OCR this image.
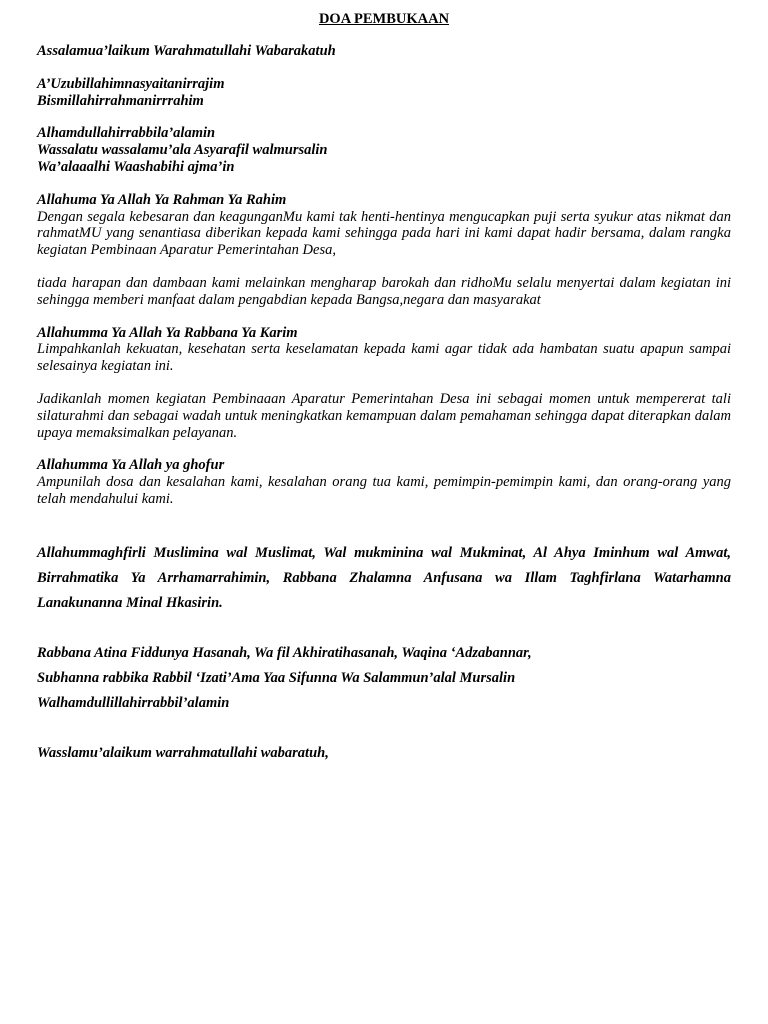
DOA PEMBUKAAN
Assalamua’laikum Warahmatullahi Wabarakatuh
A’Uzubillahimnasyaitanirrajim
Bismillahirrahmanirrrahim
Alhamdullahirrabbila’alamin
Wassalatu wassalamu’ala Asyarafil walmursalin
Wa’alaaalhi Waashabihi ajma’in
Allahuma Ya Allah Ya Rahman Ya Rahim
Dengan segala kebesaran dan keagunganMu kami tak henti-hentinya mengucapkan puji serta syukur atas nikmat dan rahmatMU yang senantiasa diberikan kepada kami sehingga pada hari ini kami dapat hadir bersama, dalam rangka kegiatan Pembinaan Aparatur Pemerintahan Desa,
tiada harapan dan dambaan kami melainkan mengharap barokah dan ridhoMu selalu menyertai dalam kegiatan ini sehingga memberi manfaat dalam pengabdian kepada Bangsa,negara dan masyarakat
Allahumma Ya Allah Ya Rabbana Ya Karim
Limpahkanlah kekuatan, kesehatan serta keselamatan kepada kami agar tidak ada hambatan suatu apapun sampai selesainya kegiatan ini.
Jadikanlah momen kegiatan Pembinaaan Aparatur Pemerintahan Desa ini sebagai momen untuk mempererat tali silaturahmi dan sebagai wadah untuk meningkatkan kemampuan dalam pemahaman sehingga dapat diterapkan dalam upaya memaksimalkan pelayanan.
Allahumma Ya Allah ya ghofur
Ampunilah dosa dan kesalahan kami, kesalahan orang tua kami, pemimpin-pemimpin kami, dan orang-orang yang telah mendahului kami.
Allahummaghfirli Muslimina wal Muslimat, Wal mukminina wal Mukminat, Al Ahya Iminhum wal Amwat, Birrahmatika Ya Arrhamarrahimin, Rabbana Zhalamna Anfusana wa Illam Taghfirlana Watarhamna Lanakunanna Minal Hkasirin.
Rabbana Atina Fiddunya Hasanah, Wa fil Akhiratihasanah, Waqina ‘Adzabannar,
Subhanna rabbika Rabbil ‘Izati’Ama Yaa Sifunna Wa Salammun’alal Mursalin
Walhamdullillahirrabbil’alamin
Wasslamu’alaikum warrahmatullahi wabaratuh,
